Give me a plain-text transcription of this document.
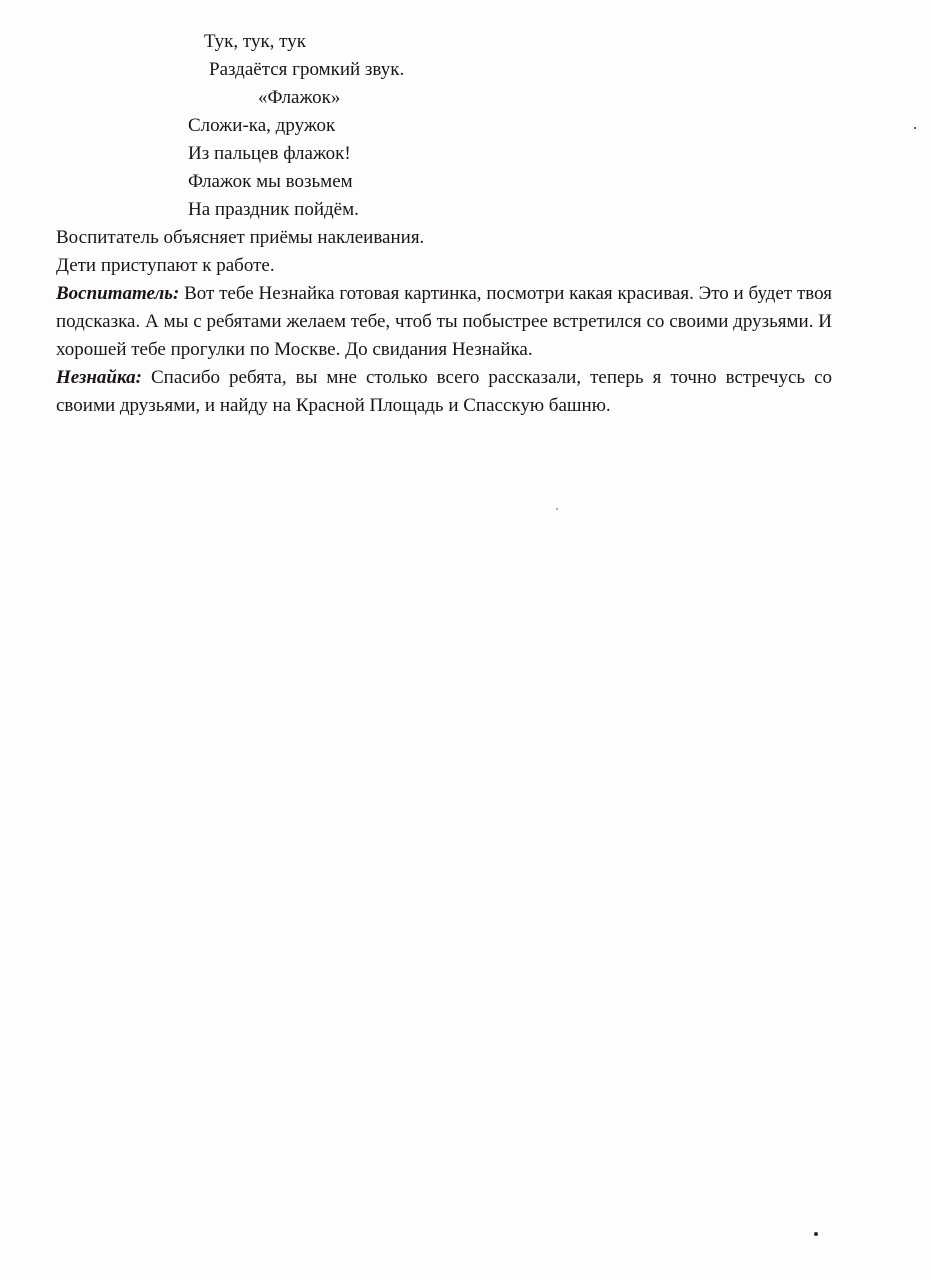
Тук, тук, тук
Раздаётся громкий звук.
«Флажок»
Сложи-ка, дружок
Из пальцев флажок!
Флажок мы возьмем
На праздник пойдём.
Воспитатель объясняет приёмы наклеивания.
Дети приступают к работе.
Воспитатель: Вот тебе Незнайка готовая картинка, посмотри какая красивая. Это и будет твоя подсказка. А мы с ребятами желаем тебе, чтоб ты побыстрее встретился со своими друзьями. И хорошей тебе прогулки по Москве. До свидания Незнайка.
Незнайка: Спасибо ребята, вы мне столько всего рассказали, теперь я точно встречусь со своими друзьями, и найду на Красной Площадь и Спасскую башню.
